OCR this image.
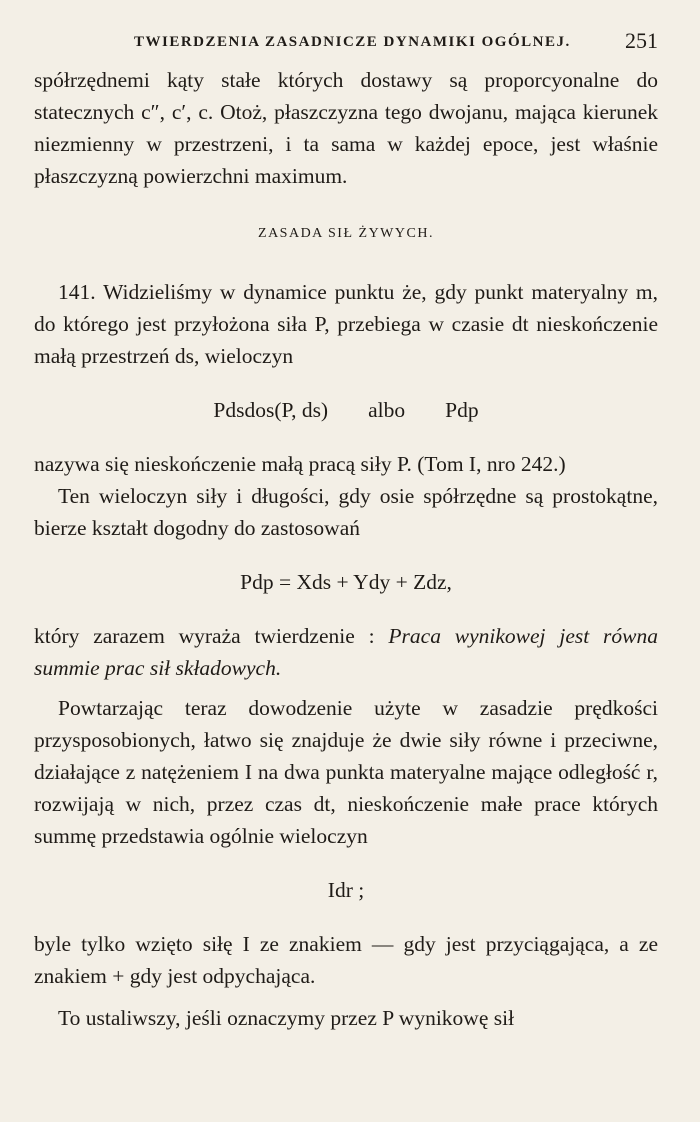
TWIERDZENIA ZASADNICZE DYNAMIKI OGÓLNEJ. 251

spółrzędnemi kąty stałe których dostawy są proporcyonalne do statecznych c″, c′, c. Otoż, płaszczyzna tego dwojanu, mająca kierunek niezmienny w przestrzeni, i ta sama w każdej epoce, jest właśnie płaszczyzną powierzchni maximum.

ZASADA SIŁ ŻYWYCH.

141. Widzieliśmy w dynamice punktu że, gdy punkt materyalny m, do którego jest przyłożona siła P, przebiega w czasie dt nieskończenie małą przestrzeń ds, wieloczyn

Pdsdos(P, ds) albo Pdp

nazywa się nieskończenie małą pracą siły P. (Tom I, nro 242.)

Ten wieloczyn siły i długości, gdy osie spółrzędne są prostokątne, bierze kształt dogodny do zastosowań

Pdp = Xds + Ydy + Zdz,

który zarazem wyraża twierdzenie : Praca wynikowej jest równa summie prac sił składowych.

Powtarzając teraz dowodzenie użyte w zasadzie prędkości przysposobionych, łatwo się znajduje że dwie siły równe i przeciwne, działające z natężeniem I na dwa punkta materyalne mające odległość r, rozwijają w nich, przez czas dt, nieskończenie małe prace których summę przedstawia ogólnie wieloczyn

Idr ;

byle tylko wzięto siłę I ze znakiem — gdy jest przyciągająca, a ze znakiem + gdy jest odpychająca.

To ustaliwszy, jeśli oznaczymy przez P wynikowę sił
